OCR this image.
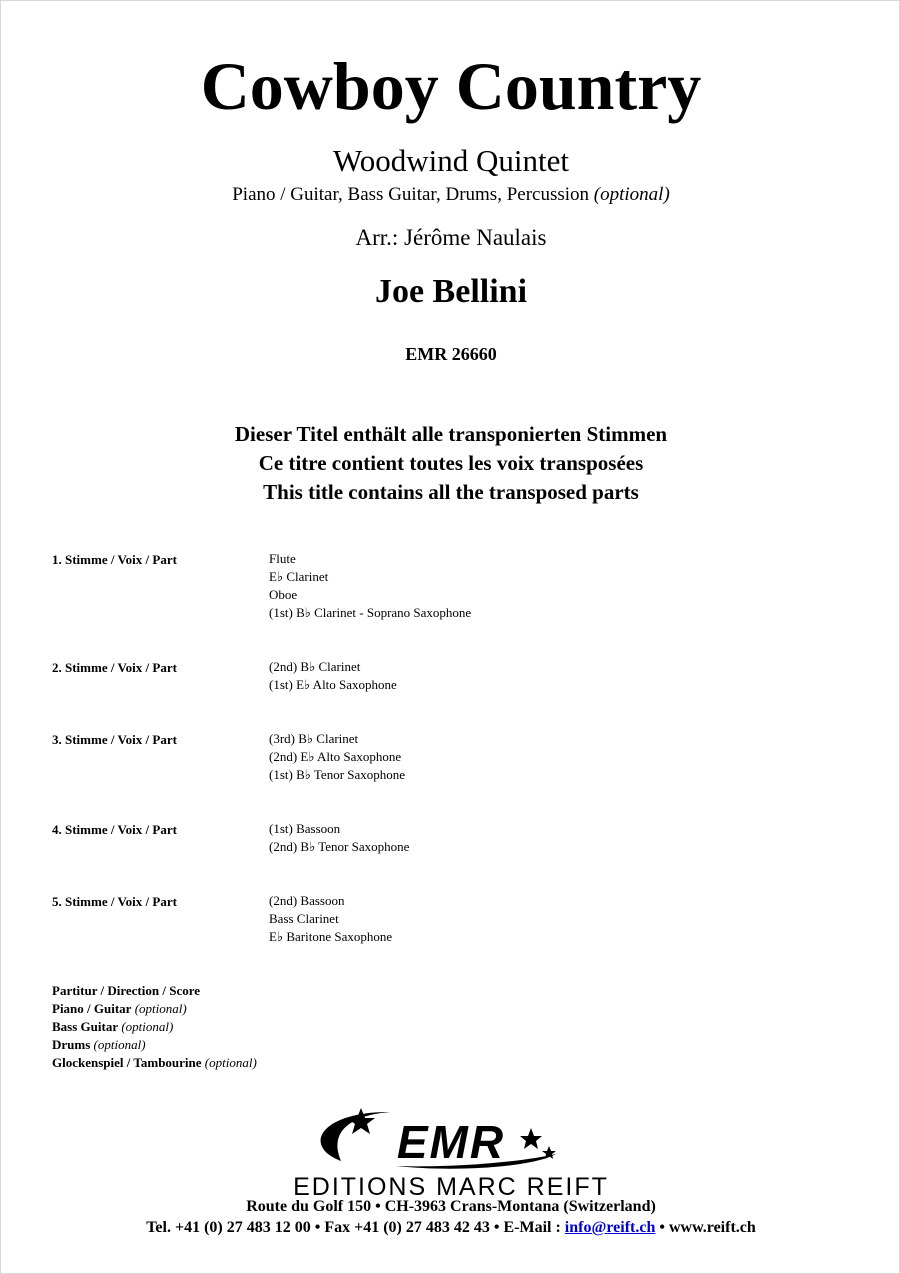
Cowboy Country
Woodwind Quintet
Piano / Guitar, Bass Guitar, Drums, Percussion (optional)
Arr.: Jérôme Naulais
Joe Bellini
EMR 26660
Dieser Titel enthält alle transponierten Stimmen
Ce titre contient toutes les voix transposées
This title contains all the transposed parts
1. Stimme / Voix / Part	Flute
E♭ Clarinet
Oboe
(1st) B♭ Clarinet - Soprano Saxophone
2. Stimme / Voix / Part	(2nd) B♭ Clarinet
(1st) E♭ Alto Saxophone
3. Stimme / Voix / Part	(3rd) B♭ Clarinet
(2nd) E♭ Alto Saxophone
(1st) B♭ Tenor Saxophone
4. Stimme / Voix / Part	(1st) Bassoon
(2nd) B♭ Tenor Saxophone
5. Stimme / Voix / Part	(2nd) Bassoon
Bass Clarinet
E♭ Baritone Saxophone
Partitur / Direction / Score
Piano / Guitar (optional)
Bass Guitar (optional)
Drums (optional)
Glockenspiel / Tambourine (optional)
EMR
EDITIONS MARC REIFT
Route du Golf 150 • CH-3963 Crans-Montana (Switzerland)
Tel. +41 (0) 27 483 12 00 • Fax +41 (0) 27 483 42 43 • E-Mail : info@reift.ch • www.reift.ch
